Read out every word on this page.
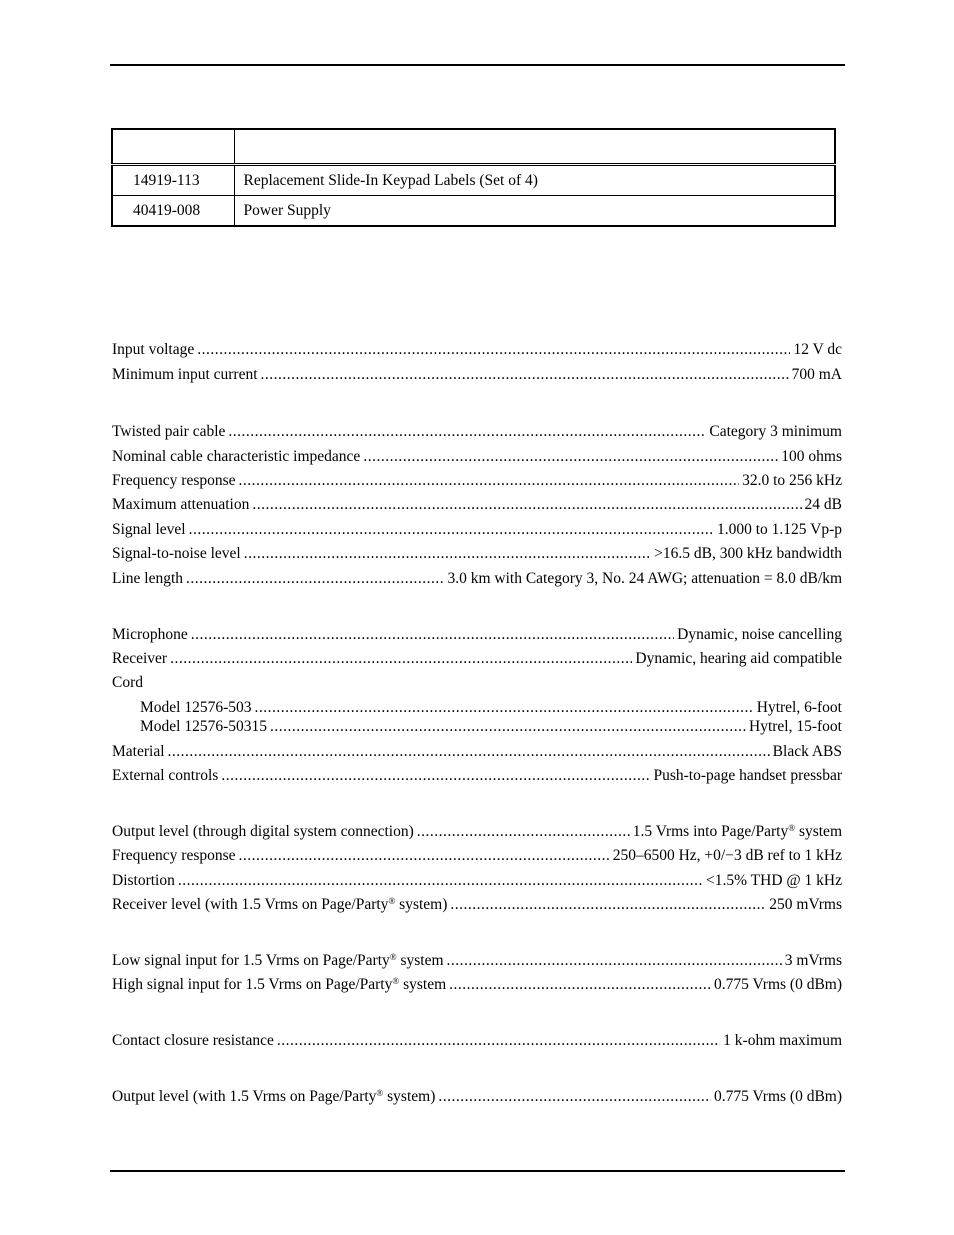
14919-113	Replacement Slide-In Keypad Labels (Set of 4)
40419-008	Power Supply
Input voltage .....	12 V dc
Minimum input current .....	700 mA
Twisted pair cable .....	Category 3 minimum
Nominal cable characteristic impedance .....	100 ohms
Frequency response .....	32.0 to 256 kHz
Maximum attenuation .....	24 dB
Signal level .....	1.000 to 1.125 Vp-p
Signal-to-noise level .....	>16.5 dB, 300 kHz bandwidth
Line length .....	3.0 km with Category 3, No. 24 AWG; attenuation = 8.0 dB/km
Microphone .....	Dynamic, noise cancelling
Receiver .....	Dynamic, hearing aid compatible
Cord
Model 12576-503 .....	Hytrel, 6-foot
Model 12576-50315 .....	Hytrel, 15-foot
Material .....	Black ABS
External controls .....	Push-to-page handset pressbar
Output level (through digital system connection) .....	1.5 Vrms into Page/Party® system
Frequency response .....	250–6500 Hz, +0/−3 dB ref to 1 kHz
Distortion .....	<1.5% THD @ 1 kHz
Receiver level (with 1.5 Vrms on Page/Party® system) .....	250 mVrms
Low signal input for 1.5 Vrms on Page/Party® system .....	3 mVrms
High signal input for 1.5 Vrms on Page/Party® system .....	0.775 Vrms (0 dBm)
Contact closure resistance .....	1 k-ohm maximum
Output level (with 1.5 Vrms on Page/Party® system) .....	0.775 Vrms (0 dBm)
